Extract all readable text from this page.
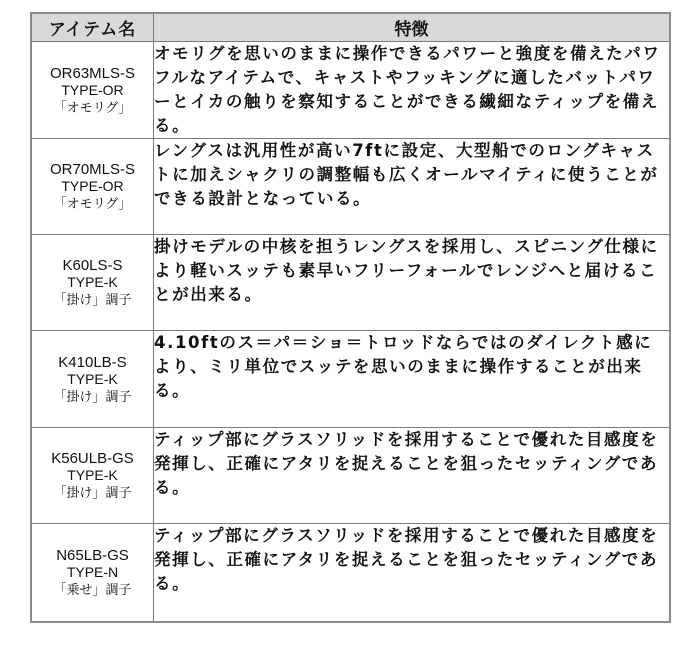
アイテム名	特徴

OR63MLS-S
TYPE-OR
「オモリグ」	オモリグを思いのままに操作できるパワーと強度を備えたパワフルなアイテムで、キャストやフッキングに適したバットパワーとイカの触りを察知することができる繊細なティップを備える。

OR70MLS-S
TYPE-OR
「オモリグ」	レングスは汎用性が高い7ftに設定、大型船でのロングキャストに加えシャクリの調整幅も広くオールマイティに使うことができる設計となっている。

K60LS-S
TYPE-K
「掛け」調子	掛けモデルの中核を担うレングスを採用し、スピニング仕様により軽いスッテも素早いフリーフォールでレンジへと届けることが出来る。

K410LB-S
TYPE-K
「掛け」調子	4.10ftのス＝パ＝ショ＝トロッドならではのダイレクト感により、ミリ単位でスッテを思いのままに操作することが出来る。

K56ULB-GS
TYPE-K
「掛け」調子	ティップ部にグラスソリッドを採用することで優れた目感度を発揮し、正確にアタリを捉えることを狙ったセッティングである。

N65LB-GS
TYPE-N
「乗せ」調子	ティップ部にグラスソリッドを採用することで優れた目感度を発揮し、正確にアタリを捉えることを狙ったセッティングである。
